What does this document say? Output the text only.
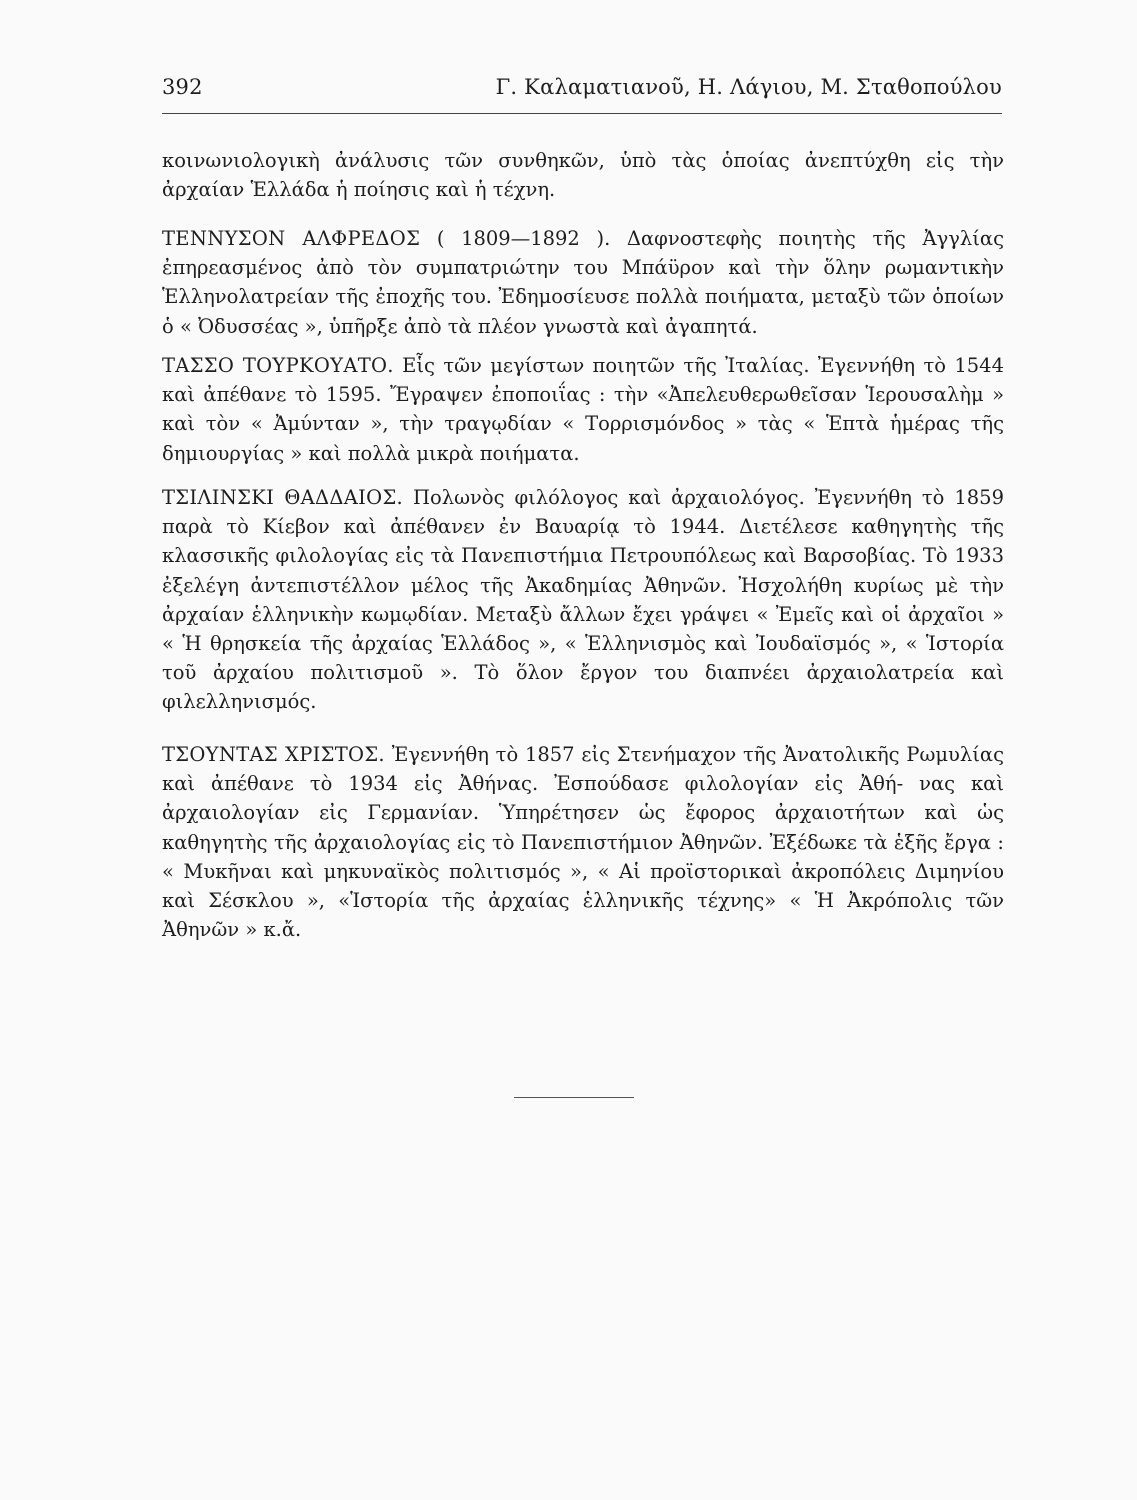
392	Γ. Καλαματιανοῦ, Η. Λάγιου, Μ. Σταθοπούλου

κοινωνιολογικὴ ἀνάλυσις τῶν συνθηκῶν, ὑπὸ τὰς ὁποίας ἀνεπτύχθη εἰς τὴν ἀρχαίαν Ἑλλάδα ἡ ποίησις καὶ ἡ τέχνη.

ΤΕΝΝΥΣΟΝ ΑΛΦΡΕΔΟΣ ( 1809—1892 ). Δαφνοστεφὴς ποιητὴς τῆς Ἀγγλίας ἐπηρεασμένος ἀπὸ τὸν συμπατριώτην του Μπάϋρον καὶ τὴν ὅλην ρωμαντικὴν Ἑλληνολατρείαν τῆς ἐποχῆς του. Ἐδημοσίευσε πολλὰ ποιήματα, μεταξὺ τῶν ὁποίων ὁ « Ὀδυσσέας », ὑπῆρξε ἀπὸ τὰ πλέον γνωστὰ καὶ ἀγαπητά.

ΤΑΣΣΟ ΤΟΥΡΚΟΥΑΤΟ. Εἷς τῶν μεγίστων ποιητῶν τῆς Ἰταλίας. Ἐγεννήθη τὸ 1544 καὶ ἀπέθανε τὸ 1595. Ἔγραψεν ἐποποιΐας : τὴν «Ἀπελευθερωθεῖσαν Ἱερουσαλὴμ » καὶ τὸν « Ἀμύνταν », τὴν τραγῳδίαν « Τορρισμόνδος » τὰς « Ἑπτὰ ἡμέρας τῆς δημιουργίας » καὶ πολλὰ μικρὰ ποιήματα.

ΤΣΙΛΙΝΣΚΙ ΘΑΔΔΑΙΟΣ. Πολωνὸς φιλόλογος καὶ ἀρχαιολόγος. Ἐγεννήθη τὸ 1859 παρὰ τὸ Κίεβον καὶ ἀπέθανεν ἐν Βαυαρίᾳ τὸ 1944. Διετέλεσε καθηγητὴς τῆς κλασσικῆς φιλολογίας εἰς τὰ Πανεπιστήμια Πετρουπόλεως καὶ Βαρσοβίας. Τὸ 1933 ἐξελέγη ἀντεπιστέλλον μέλος τῆς Ἀκαδημίας Ἀθηνῶν. Ἠσχολήθη κυρίως μὲ τὴν ἀρχαίαν ἑλληνικὴν κωμῳδίαν. Μεταξὺ ἄλλων ἔχει γράψει « Ἐμεῖς καὶ οἱ ἀρχαῖοι » « Ἡ θρησκεία τῆς ἀρχαίας Ἑλλάδος », « Ἑλληνισμὸς καὶ Ἰουδαϊσμός », « Ἱστορία τοῦ ἀρχαίου πολιτισμοῦ ». Τὸ ὅλον ἔργον του διαπνέει ἀρχαιολατρεία καὶ φιλελληνισμός.

ΤΣΟΥΝΤΑΣ ΧΡΙΣΤΟΣ. Ἐγεννήθη τὸ 1857 εἰς Στενήμαχον τῆς Ἀνατολικῆς Ρωμυλίας καὶ ἀπέθανε τὸ 1934 εἰς Ἀθήνας. Ἐσπούδασε φιλολογίαν εἰς Ἀθή- νας καὶ ἀρχαιολογίαν εἰς Γερμανίαν. Ὑπηρέτησεν ὡς ἔφορος ἀρχαιοτήτων καὶ ὡς καθηγητὴς τῆς ἀρχαιολογίας εἰς τὸ Πανεπιστήμιον Ἀθηνῶν. Ἐξέδωκε τὰ ἑξῆς ἔργα : « Μυκῆναι καὶ μηκυναϊκὸς πολιτισμός », « Αἱ προϊστορικαὶ ἀκροπόλεις Διμηνίου καὶ Σέσκλου », «Ἱστορία τῆς ἀρχαίας ἑλληνικῆς τέχνης» « Ἡ Ἀκρόπολις τῶν Ἀθηνῶν » κ.ἄ.
